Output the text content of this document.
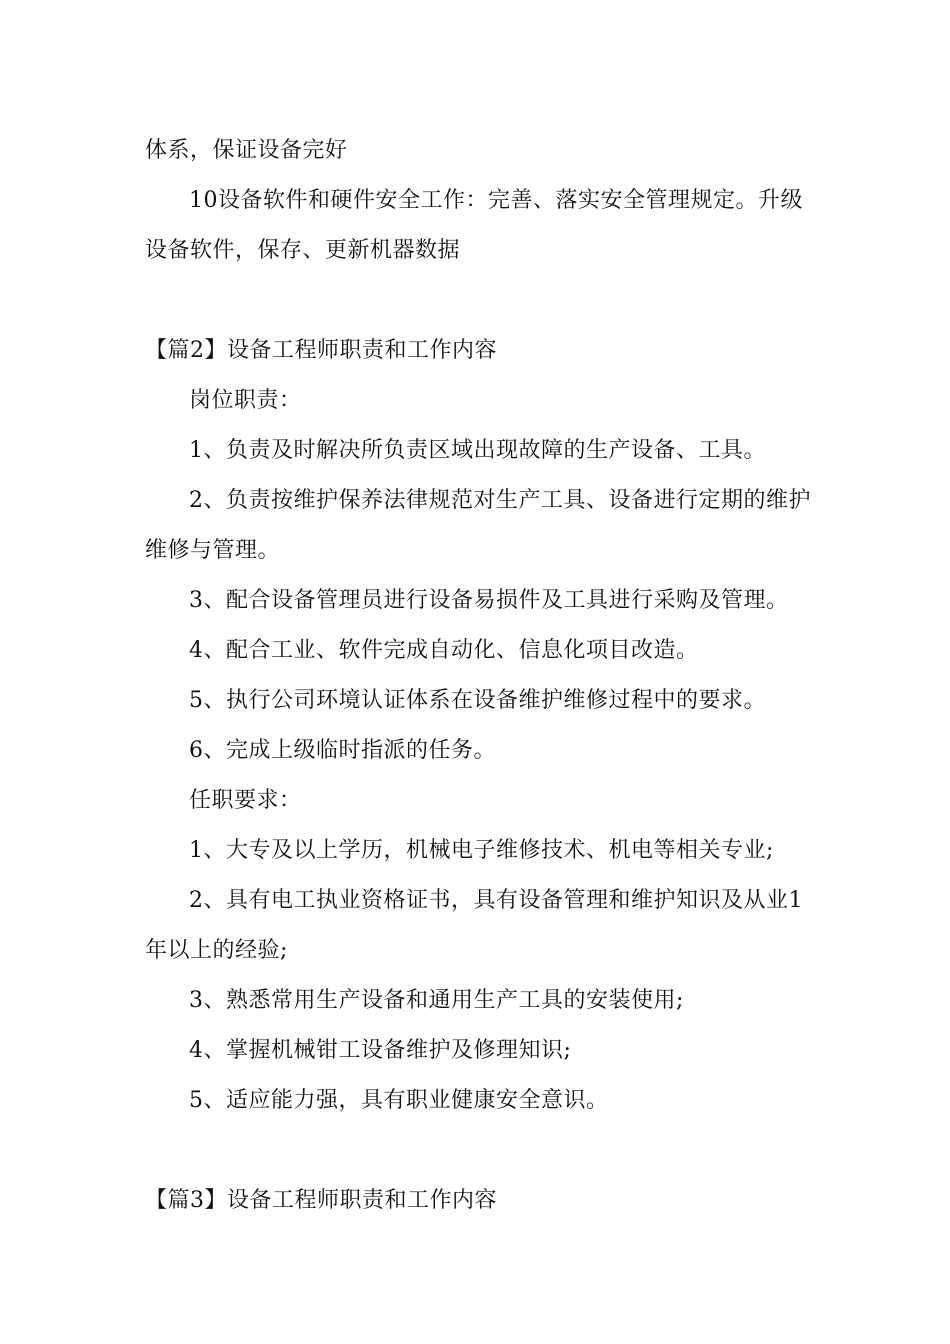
体系，保证设备完好
10设备软件和硬件安全工作：完善、落实安全管理规定。升级
设备软件，保存、更新机器数据
【篇2】设备工程师职责和工作内容
岗位职责：
1、负责及时解决所负责区域出现故障的生产设备、工具。
2、负责按维护保养法律规范对生产工具、设备进行定期的维护
维修与管理。
3、配合设备管理员进行设备易损件及工具进行采购及管理。
4、配合工业、软件完成自动化、信息化项目改造。
5、执行公司环境认证体系在设备维护维修过程中的要求。
6、完成上级临时指派的任务。
任职要求：
1、大专及以上学历，机械电子维修技术、机电等相关专业;
2、具有电工执业资格证书，具有设备管理和维护知识及从业1
年以上的经验;
3、熟悉常用生产设备和通用生产工具的安装使用;
4、掌握机械钳工设备维护及修理知识;
5、适应能力强，具有职业健康安全意识。
【篇3】设备工程师职责和工作内容
